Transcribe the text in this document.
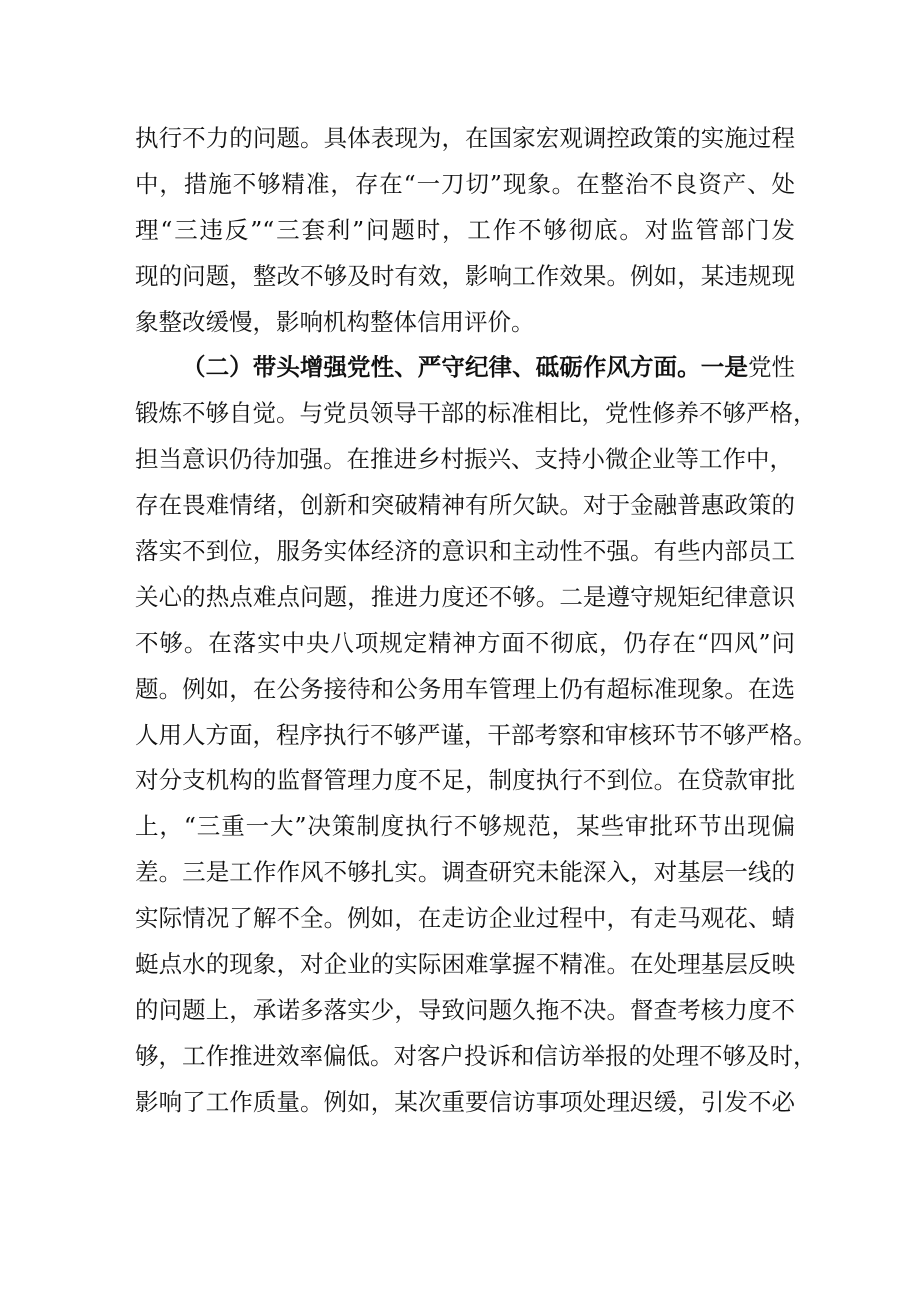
执行不力的问题。具体表现为，在国家宏观调控政策的实施过程
中，措施不够精准，存在“一刀切”现象。在整治不良资产、处
理“三违反”“三套利”问题时，工作不够彻底。对监管部门发
现的问题，整改不够及时有效，影响工作效果。例如，某违规现
象整改缓慢，影响机构整体信用评价。
（二）带头增强党性、严守纪律、砥砺作风方面。一是党性
锻炼不够自觉。与党员领导干部的标准相比，党性修养不够严格，
担当意识仍待加强。在推进乡村振兴、支持小微企业等工作中，
存在畏难情绪，创新和突破精神有所欠缺。对于金融普惠政策的
落实不到位，服务实体经济的意识和主动性不强。有些内部员工
关心的热点难点问题，推进力度还不够。二是遵守规矩纪律意识
不够。在落实中央八项规定精神方面不彻底，仍存在“四风”问
题。例如，在公务接待和公务用车管理上仍有超标准现象。在选
人用人方面，程序执行不够严谨，干部考察和审核环节不够严格。
对分支机构的监督管理力度不足，制度执行不到位。在贷款审批
上，“三重一大”决策制度执行不够规范，某些审批环节出现偏
差。三是工作作风不够扎实。调查研究未能深入，对基层一线的
实际情况了解不全。例如，在走访企业过程中，有走马观花、蜻
蜓点水的现象，对企业的实际困难掌握不精准。在处理基层反映
的问题上，承诺多落实少，导致问题久拖不决。督查考核力度不
够，工作推进效率偏低。对客户投诉和信访举报的处理不够及时，
影响了工作质量。例如，某次重要信访事项处理迟缓，引发不必
